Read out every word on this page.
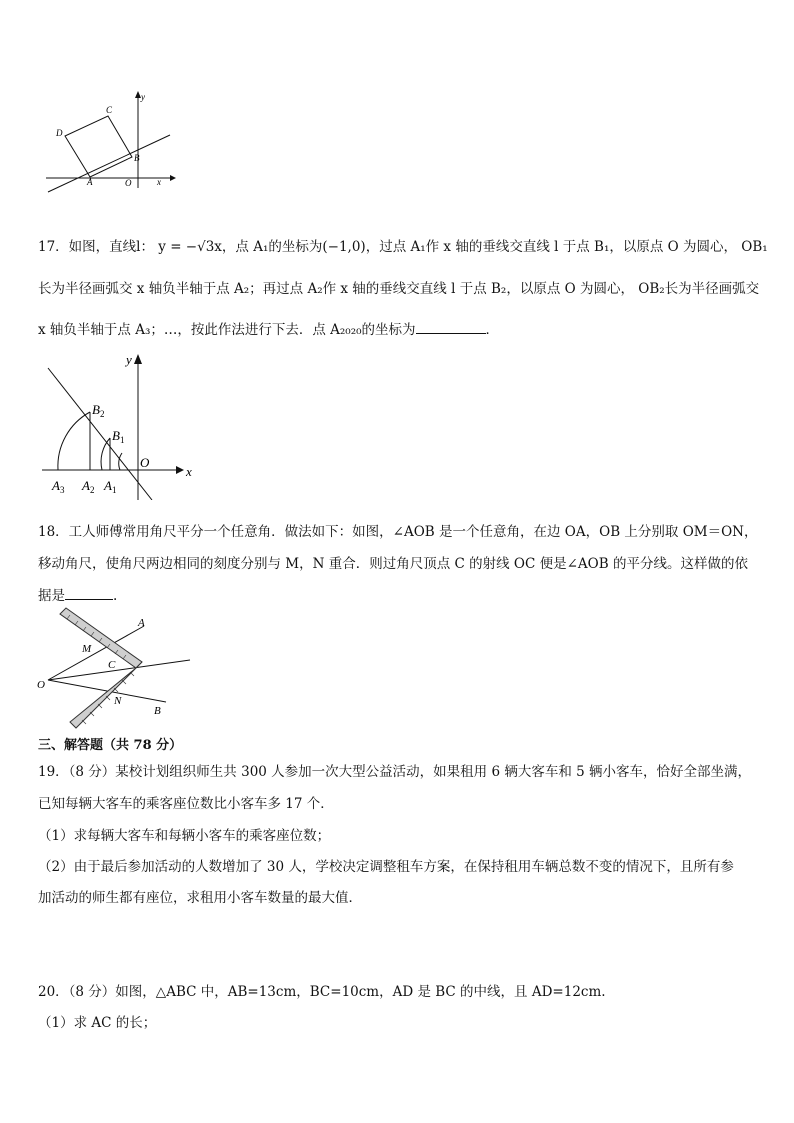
C
D
B
A	O	x
y
17．如图，直线l： y = −√3x，点 A₁的坐标为(−1,0)，过点 A₁作 x 轴的垂线交直线 l 于点 B₁，以原点 O 为圆心， OB₁
长为半径画弧交 x 轴负半轴于点 A₂；再过点 A₂作 x 轴的垂线交直线 l 于点 B₂，以原点 O 为圆心， OB₂长为半径画弧交
x 轴负半轴于点 A₃；…，按此作法进行下去．点 A₂₀₂₀的坐标为	．
y
x
O
$B_2$
$B_1$
$A_3$ $A_2$ $A_1$
18．工人师傅常用角尺平分一个任意角．做法如下：如图，∠AOB 是一个任意角，在边 OA，OB 上分别取 OM＝ON，
移动角尺，使角尺两边相同的刻度分别与 M，N 重合．则过角尺顶点 C 的射线 OC 便是∠AOB 的平分线。这样做的依
据是	.
A
M
C
O
N
B
三、解答题（共 78 分）
19．（8 分）某校计划组织师生共 300 人参加一次大型公益活动，如果租用 6 辆大客车和 5 辆小客车，恰好全部坐满，
已知每辆大客车的乘客座位数比小客车多 17 个．
（1）求每辆大客车和每辆小客车的乘客座位数；
（2）由于最后参加活动的人数增加了 30 人，学校决定调整租车方案，在保持租用车辆总数不变的情况下，且所有参
加活动的师生都有座位，求租用小客车数量的最大值．
20．（8 分）如图，△ABC 中，AB=13cm，BC=10cm，AD 是 BC 的中线，且 AD=12cm.
（1）求 AC 的长；
